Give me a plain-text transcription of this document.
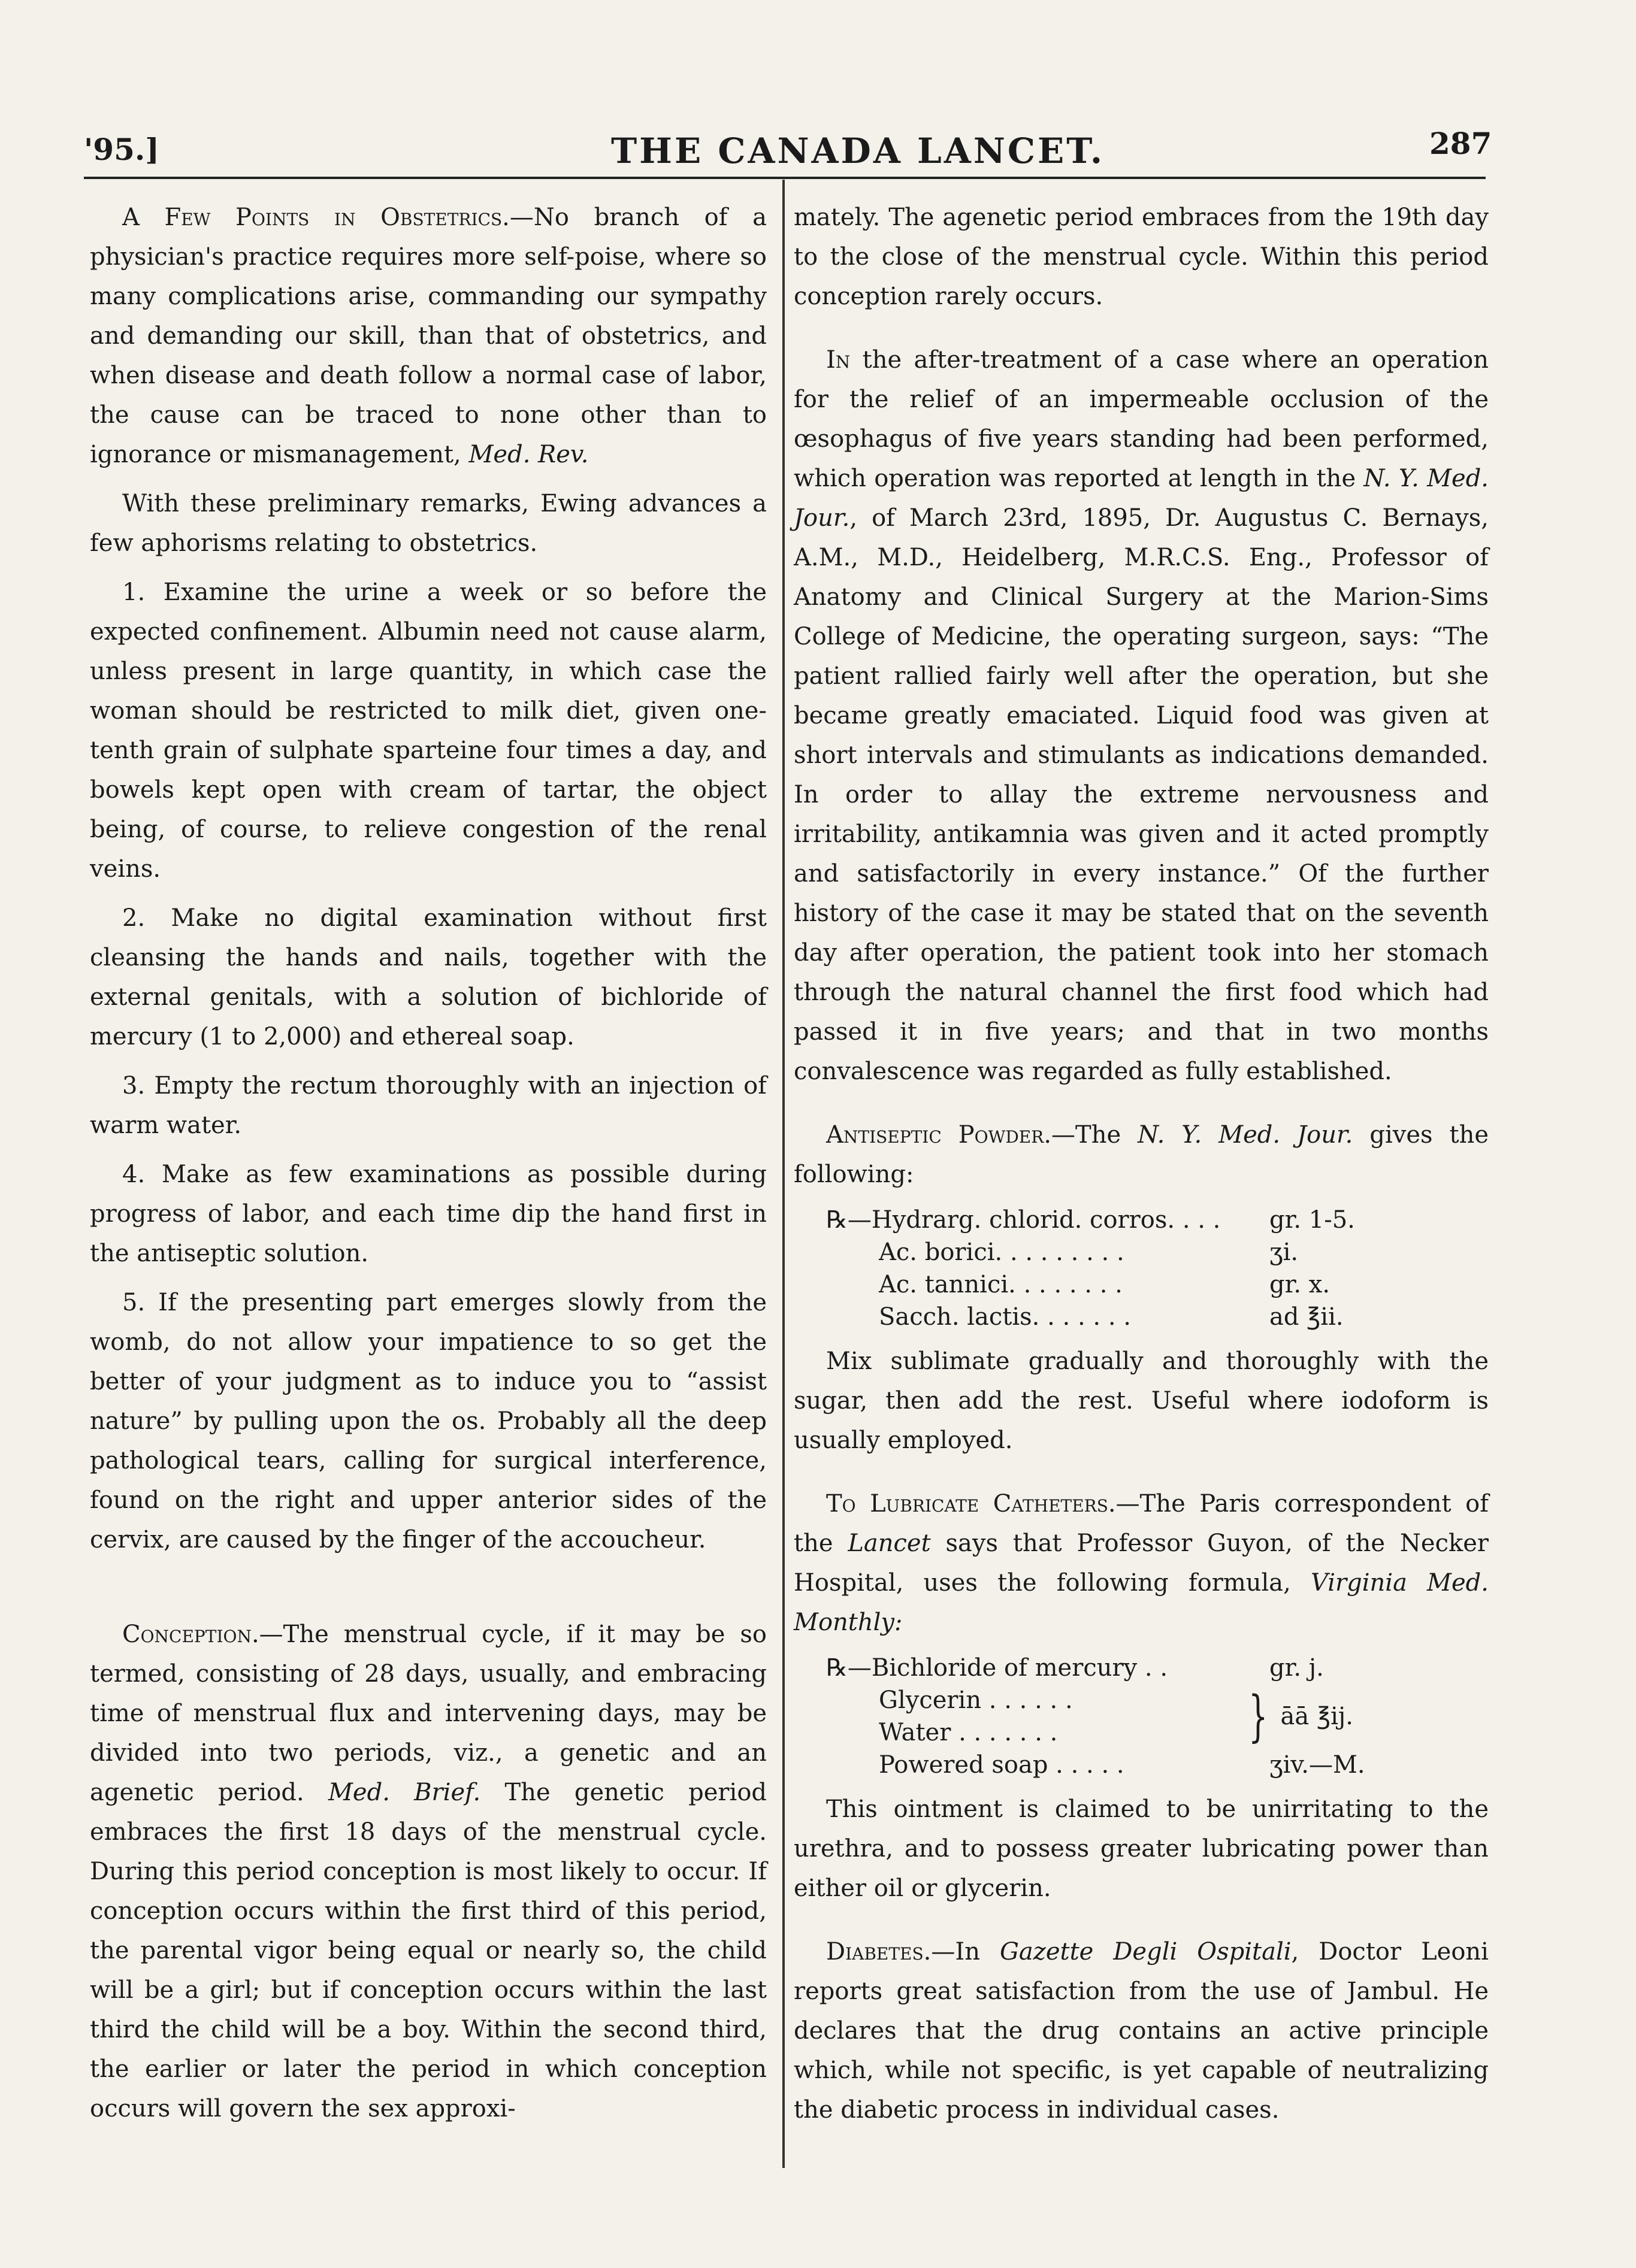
'95.]	THE CANADA LANCET.	287

A Few Points in Obstetrics.—No branch of a physician's practice requires more self-poise, where so many complications arise, commanding our sympathy and demanding our skill, than that of obstetrics, and when disease and death follow a normal case of labor, the cause can be traced to none other than to ignorance or mismanagement, Med. Rev.

With these preliminary remarks, Ewing advances a few aphorisms relating to obstetrics.

1. Examine the urine a week or so before the expected confinement. Albumin need not cause alarm, unless present in large quantity, in which case the woman should be restricted to milk diet, given one-tenth grain of sulphate sparteine four times a day, and bowels kept open with cream of tartar, the object being, of course, to relieve congestion of the renal veins.

2. Make no digital examination without first cleansing the hands and nails, together with the external genitals, with a solution of bichloride of mercury (1 to 2,000) and ethereal soap.

3. Empty the rectum thoroughly with an injection of warm water.

4. Make as few examinations as possible during progress of labor, and each time dip the hand first in the antiseptic solution.

5. If the presenting part emerges slowly from the womb, do not allow your impatience to so get the better of your judgment as to induce you to “assist nature” by pulling upon the os. Probably all the deep pathological tears, calling for surgical interference, found on the right and upper anterior sides of the cervix, are caused by the finger of the accoucheur.

Conception.—The menstrual cycle, if it may be so termed, consisting of 28 days, usually, and embracing time of menstrual flux and intervening days, may be divided into two periods, viz., a genetic and an agenetic period. Med. Brief. The genetic period embraces the first 18 days of the menstrual cycle. During this period conception is most likely to occur. If conception occurs within the first third of this period, the parental vigor being equal or nearly so, the child will be a girl; but if conception occurs within the last third the child will be a boy. Within the second third, the earlier or later the period in which conception occurs will govern the sex approxi-

mately. The agenetic period embraces from the 19th day to the close of the menstrual cycle. Within this period conception rarely occurs.

In the after-treatment of a case where an operation for the relief of an impermeable occlusion of the œsophagus of five years standing had been performed, which operation was reported at length in the N. Y. Med. Jour., of March 23rd, 1895, Dr. Augustus C. Bernays, A.M., M.D., Heidelberg, M.R.C.S. Eng., Professor of Anatomy and Clinical Surgery at the Marion-Sims College of Medicine, the operating surgeon, says: “The patient rallied fairly well after the operation, but she became greatly emaciated. Liquid food was given at short intervals and stimulants as indications demanded. In order to allay the extreme nervousness and irritability, antikamnia was given and it acted promptly and satisfactorily in every instance.” Of the further history of the case it may be stated that on the seventh day after operation, the patient took into her stomach through the natural channel the first food which had passed it in five years; and that in two months convalescence was regarded as fully established.

Antiseptic Powder.—The N. Y. Med. Jour. gives the following:

℞—Hydrarg. chlorid. corros. . . .	gr. 1-5.
Ac. borici. . . . . . . . .	ʒi.
Ac. tannici. . . . . . . .	gr. x.
Sacch. lactis. . . . . . .	ad ℥ii.

Mix sublimate gradually and thoroughly with the sugar, then add the rest. Useful where iodoform is usually employed.

To Lubricate Catheters.—The Paris correspondent of the Lancet says that Professor Guyon, of the Necker Hospital, uses the following formula, Virginia Med. Monthly:

℞—Bichloride of mercury . .	gr. j.
Glycerin . . . . . .
Water . . . . . . .	} āā ℥ij.
Powered soap . . . . .	ʒiv.—M.

This ointment is claimed to be unirritating to the urethra, and to possess greater lubricating power than either oil or glycerin.

Diabetes.—In Gazette Degli Ospitali, Doctor Leoni reports great satisfaction from the use of Jambul. He declares that the drug contains an active principle which, while not specific, is yet capable of neutralizing the diabetic process in individual cases.
